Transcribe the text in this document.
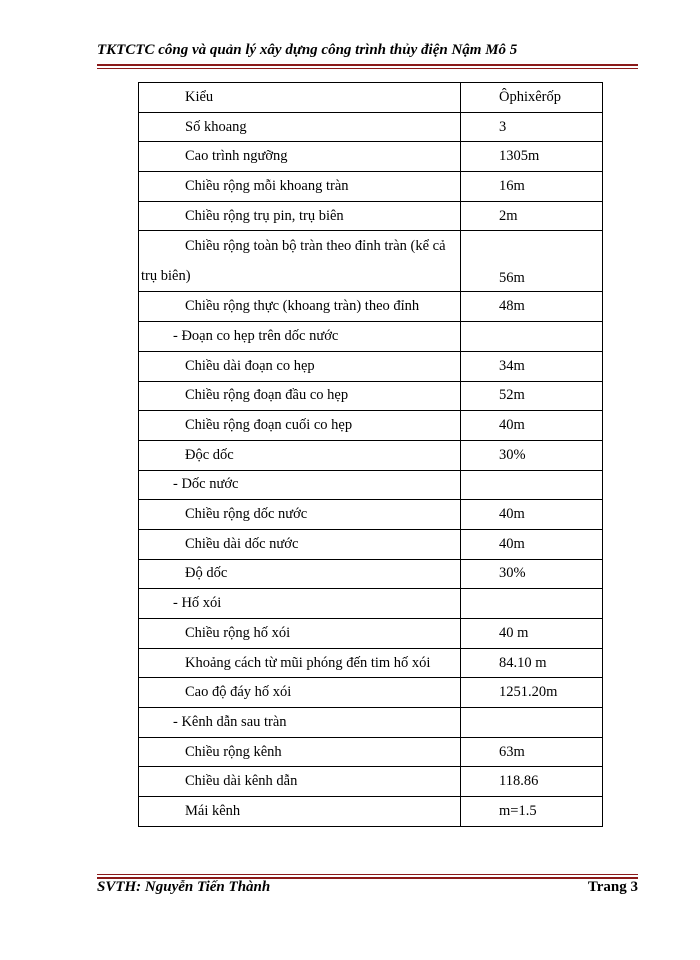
TKTCTC công và quản lý xây dựng công trình thủy điện Nậm Mô 5
Kiểu	Ôphixêrốp
Số khoang	3
Cao trình ngưỡng	1305m
Chiều rộng mỗi khoang tràn	16m
Chiều rộng trụ pin, trụ biên	2m
Chiều rộng toàn bộ tràn theo đỉnh tràn (kể cả trụ biên)	56m
Chiều rộng thực (khoang tràn) theo đỉnh	48m
- Đoạn co hẹp trên dốc nước	
Chiều dài đoạn co hẹp	34m
Chiều rộng đoạn đầu co hẹp	52m
Chiều rộng đoạn cuối co hẹp	40m
Độc dốc	30%
- Dốc nước	
Chiều rộng dốc nước	40m
Chiều dài dốc nước	40m
Độ dốc	30%
- Hố xói	
Chiều rộng hố xói	40 m
Khoảng cách từ mũi phóng đến tim hố xói	84.10 m
Cao độ đáy hố xói	1251.20m
- Kênh dẫn sau tràn	
Chiều rộng kênh	63m
Chiều dài kênh dẫn	118.86
Mái kênh	m=1.5
SVTH: Nguyễn Tiến Thành	Trang 3
